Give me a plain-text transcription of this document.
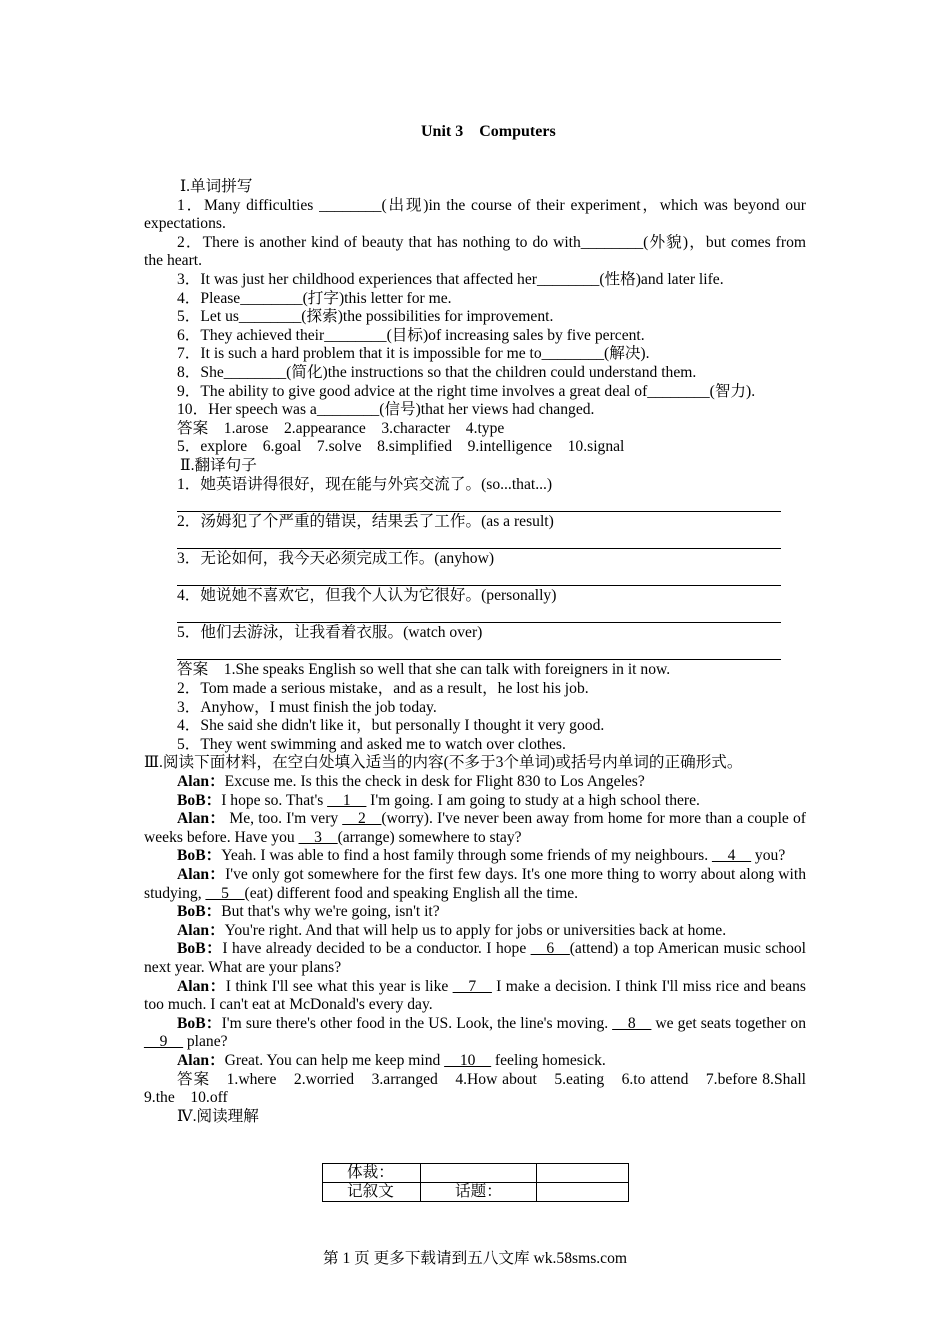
Unit 3    Computers

Ⅰ.单词拼写

1．Many difficulties ________(出现)in the course of their experiment，which was beyond our expectations.

2．There is another kind of beauty that has nothing to do with________(外貌)，but comes from the heart.

3．It was just her childhood experiences that affected her________(性格)and later life.

4．Please________(打字)this letter for me.

5．Let us________(探索)the possibilities for improvement.

6．They achieved their________(目标)of increasing sales by five percent.

7．It is such a hard problem that it is impossible for me to________(解决).

8．She________(简化)the instructions so that the children could understand them.

9．The ability to give good advice at the right time involves a great deal of________(智力).

10．Her speech was a________(信号)that her views had changed.

答案　1.arose　2.appearance　3.character　4.type

5．explore　6.goal　7.solve　8.simplified　9.intelligence　10.signal

Ⅱ.翻译句子

1．她英语讲得很好，现在能与外宾交流了。(so...that...)

2．汤姆犯了个严重的错误，结果丢了工作。(as a result)

3．无论如何，我今天必须完成工作。(anyhow)

4．她说她不喜欢它，但我个人认为它很好。(personally)

5．他们去游泳，让我看着衣服。(watch over)

答案　1.She speaks English so well that she can talk with foreigners in it now.

2．Tom made a serious mistake，and as a result，he lost his job.

3．Anyhow，I must finish the job today.

4．She said she didn't like it，but personally I thought it very good.

5．They went swimming and asked me to watch over clothes.

Ⅲ.阅读下面材料，在空白处填入适当的内容(不多于3个单词)或括号内单词的正确形式。

Alan：Excuse me. Is this the check in desk for Flight 830 to Los Angeles?

BoB：I hope so. That's __1__ I'm going. I am going to study at a high school there.

Alan： Me, too. I'm very __2__(worry). I've never been away from home for more than a couple of weeks before. Have you __3__(arrange) somewhere to stay?

BoB：Yeah. I was able to find a host family through some friends of my neighbours. __4__ you?

Alan：I've only got somewhere for the first few days. It's one more thing to worry about along with studying, __5__(eat) different food and speaking English all the time.

BoB：But that's why we're going, isn't it?

Alan：You're right. And that will help us to apply for jobs or universities back at home.

BoB：I have already decided to be a conductor. I hope __6__(attend) a top American music school next year. What are your plans?

Alan：I think I'll see what this year is like __7__ I make a decision. I think I'll miss rice and beans too much. I can't eat at McDonald's every day.

BoB：I'm sure there's other food in the US. Look, the line's moving. __8__ we get seats together on __9__ plane?

Alan：Great. You can help me keep mind __10__ feeling homesick.

答案　1.where　2.worried　3.arranged　4.How about　5.eating　6.to attend　7.before 8.Shall　9.the　10.off

Ⅳ.阅读理解

体裁：		
记叙文	话题：	
第 1 页 更多下载请到五八文库 wk.58sms.com
